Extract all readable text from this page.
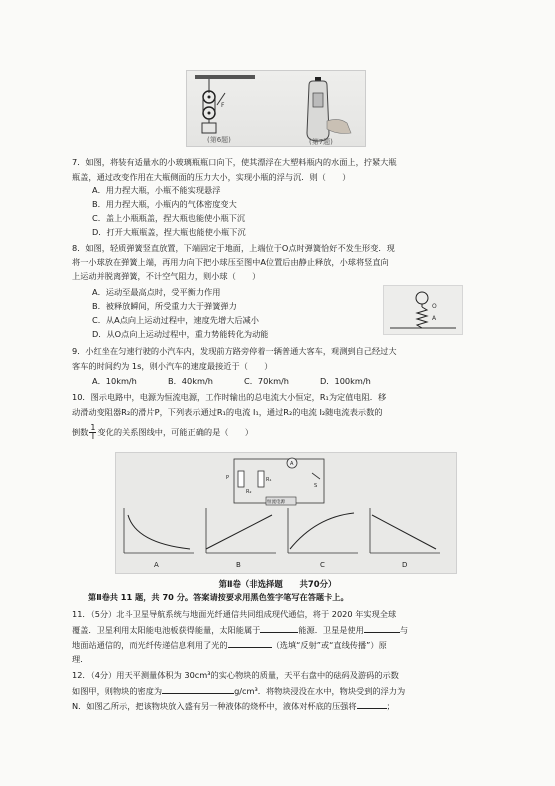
F
(第6题)	(第7题)
7．如图，将装有适量水的小玻璃瓶瓶口向下，使其漂浮在大塑料瓶内的水面上，拧紧大瓶
瓶盖，通过改变作用在大瓶侧面的压力大小，实现小瓶的浮与沉．则（　　）
A．用力捏大瓶，小瓶不能实现悬浮
B．用力捏大瓶，小瓶内的气体密度变大
C．盖上小瓶瓶盖，捏大瓶也能使小瓶下沉
D．打开大瓶瓶盖，捏大瓶也能使小瓶下沉
8．如图，轻质弹簧竖直放置，下端固定于地面，上端位于O点时弹簧恰好不发生形变．现
将一小球放在弹簧上端，再用力向下把小球压至图中A位置后由静止释放，小球将竖直向
上运动并脱离弹簧，不计空气阻力，则小球（　　）
A．运动至最高点时，受平衡力作用
B．被释放瞬间，所受重力大于弹簧弹力
C．从A点向上运动过程中，速度先增大后减小
D．从O点向上运动过程中，重力势能转化为动能
O
A
9．小红坐在匀速行驶的小汽车内，发现前方路旁停着一辆普通大客车，观测到自己经过大
客车的时间约为 1s，则小汽车的速度最接近于（　　）
A．10km/h	B．40km/h	C．70km/h	D．100km/h
10．图示电路中，电源为恒流电源，工作时输出的总电流大小恒定，R₁为定值电阻．移
动滑动变阻器R₂的滑片P，下列表示通过R₁的电流 I₁，通过R₂的电流 I₂随电流表示数的
倒数 $\frac{1}{I}$ 变化的关系图线中，可能正确的是（　　）
A
R₁
R₂
P
S
恒流电源
A	B	C	D
第Ⅱ卷（非选择题　　共70分）
第Ⅱ卷共 11 题，共 70 分。答案请按要求用黑色签字笔写在答题卡上。
11．（5分）北斗卫星导航系统与地面光纤通信共同组成现代通信，将于 2020 年实现全球
覆盖．卫星利用太阳能电池板获得能量，太阳能属于	能源．卫星是使用	与
地面站通信的，而光纤传递信息利用了光的	（选填“反射”或“直线传播”）原
理．
12．（4分）用天平测量体积为 30cm³的实心物块的质量，天平右盘中的砝码及游码的示数
如图甲，则物块的密度为	g/cm³．将物块浸没在水中，物块受到的浮力为
N．如图乙所示，把该物块放入盛有另一种液体的烧杯中，液体对杯底的压强将	；
